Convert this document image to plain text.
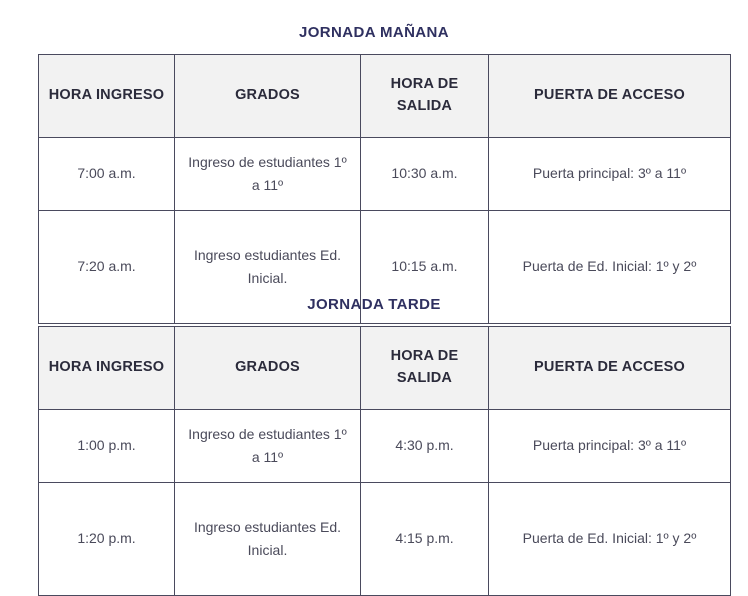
JORNADA MAÑANA
HORA INGRESO	GRADOS	HORA DE SALIDA	PUERTA DE ACCESO
7:00 a.m.	Ingreso de estudiantes 1º a 11º	10:30 a.m.	Puerta principal: 3º a 11º
7:20 a.m.	Ingreso estudiantes Ed. Inicial.	10:15 a.m.	Puerta de Ed. Inicial: 1º y 2º
JORNADA TARDE
HORA INGRESO	GRADOS	HORA DE SALIDA	PUERTA DE ACCESO
1:00 p.m.	Ingreso de estudiantes 1º a 11º	4:30 p.m.	Puerta principal: 3º a 11º
1:20 p.m.	Ingreso estudiantes Ed. Inicial.	4:15 p.m.	Puerta de Ed. Inicial: 1º y 2º
